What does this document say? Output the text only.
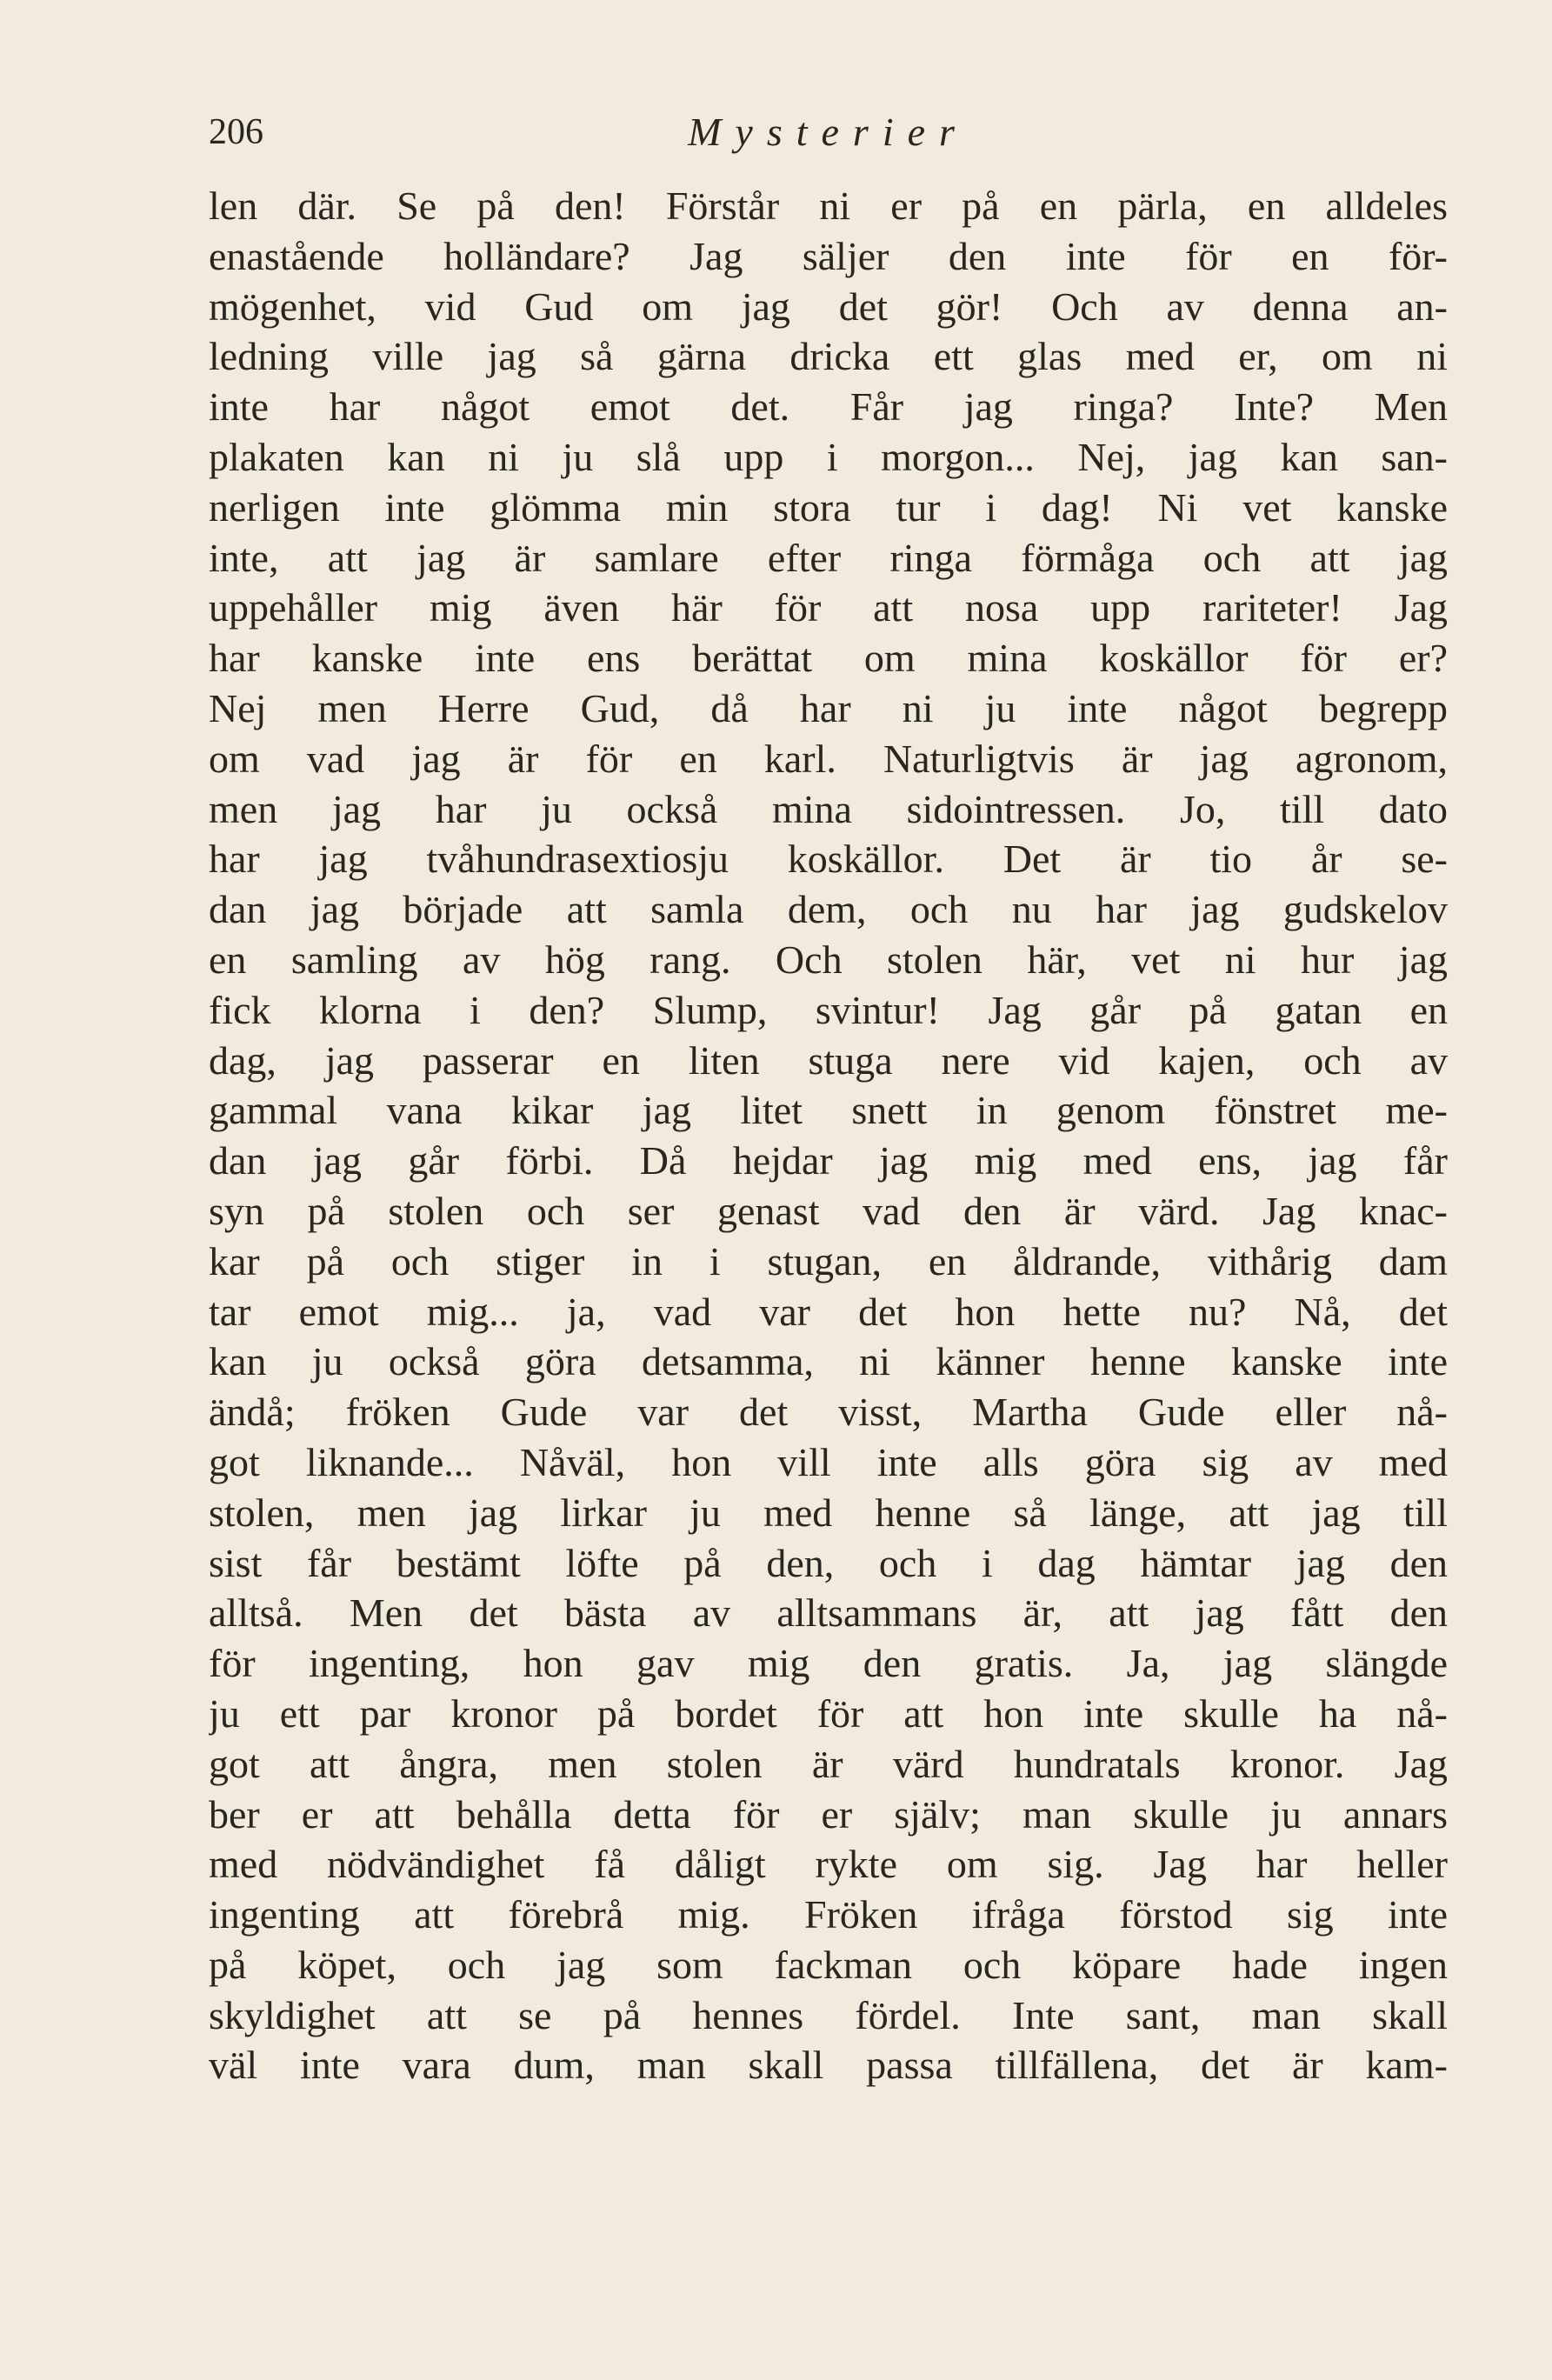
206	Mysterier
len där. Se på den! Förstår ni er på en pärla, en alldeles
enastående holländare? Jag säljer den inte för en för-
mögenhet, vid Gud om jag det gör! Och av denna an-
ledning ville jag så gärna dricka ett glas med er, om ni
inte har något emot det. Får jag ringa? Inte? Men
plakaten kan ni ju slå upp i morgon... Nej, jag kan san-
nerligen inte glömma min stora tur i dag! Ni vet kanske
inte, att jag är samlare efter ringa förmåga och att jag
uppehåller mig även här för att nosa upp rariteter! Jag
har kanske inte ens berättat om mina koskällor för er?
Nej men Herre Gud, då har ni ju inte något begrepp
om vad jag är för en karl. Naturligtvis är jag agronom,
men jag har ju också mina sidointressen. Jo, till dato
har jag tvåhundrasextiosju koskällor. Det är tio år se-
dan jag började att samla dem, och nu har jag gudskelov
en samling av hög rang. Och stolen här, vet ni hur jag
fick klorna i den? Slump, svintur! Jag går på gatan en
dag, jag passerar en liten stuga nere vid kajen, och av
gammal vana kikar jag litet snett in genom fönstret me-
dan jag går förbi. Då hejdar jag mig med ens, jag får
syn på stolen och ser genast vad den är värd. Jag knac-
kar på och stiger in i stugan, en åldrande, vithårig dam
tar emot mig... ja, vad var det hon hette nu? Nå, det
kan ju också göra detsamma, ni känner henne kanske inte
ändå; fröken Gude var det visst, Martha Gude eller nå-
got liknande... Nåväl, hon vill inte alls göra sig av med
stolen, men jag lirkar ju med henne så länge, att jag till
sist får bestämt löfte på den, och i dag hämtar jag den
alltså. Men det bästa av alltsammans är, att jag fått den
för ingenting, hon gav mig den gratis. Ja, jag slängde
ju ett par kronor på bordet för att hon inte skulle ha nå-
got att ångra, men stolen är värd hundratals kronor. Jag
ber er att behålla detta för er själv; man skulle ju annars
med nödvändighet få dåligt rykte om sig. Jag har heller
ingenting att förebrå mig. Fröken ifråga förstod sig inte
på köpet, och jag som fackman och köpare hade ingen
skyldighet att se på hennes fördel. Inte sant, man skall
väl inte vara dum, man skall passa tillfällena, det är kam-
